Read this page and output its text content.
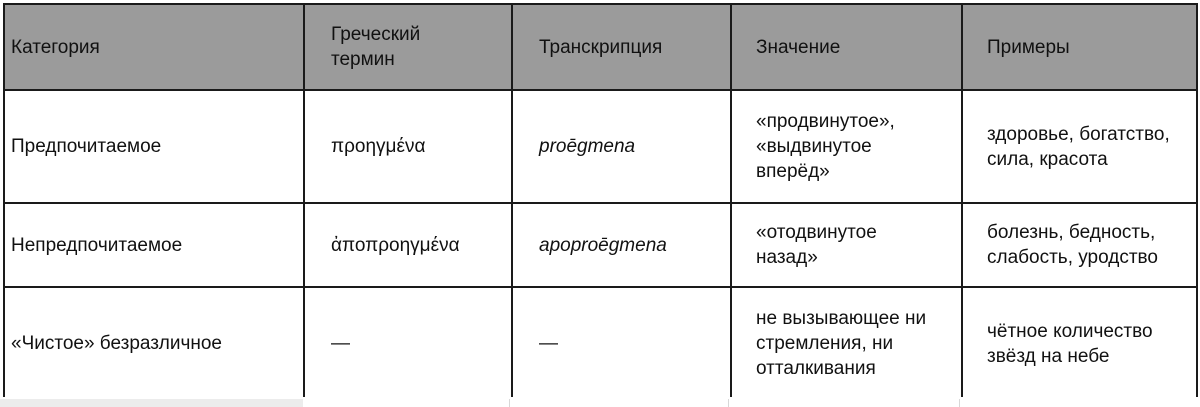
Категория	Греческий термин	Транскрипция	Значение	Примеры

Предпочитаемое	προηγμένα	proēgmena	«продвинутое», «выдвинутое вперёд»	здоровье, богатство, сила, красота

Непредпочитаемое	ἀποπροηγμένα	apoproēgmena	«отодвинутое назад»	болезнь, бедность, слабость, уродство

«Чистое» безразличное	—	—	не вызывающее ни стремления, ни отталкивания	чётное количество звёзд на небе
